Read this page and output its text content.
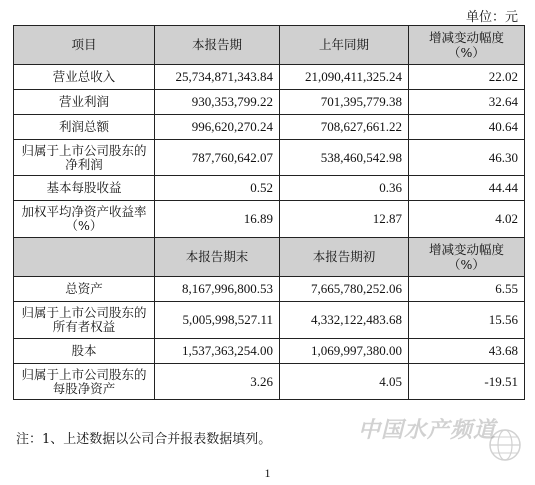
单位：元
项目	本报告期	上年同期	增减变动幅度
（%）

营业总收入	25,734,871,343.84	21,090,411,325.24	22.02
营业利润	930,353,799.22	701,395,779.38	32.64
利润总额	996,620,270.24	708,627,661.22	40.64

归属于上市公司股东的
净利润	787,760,642.07	538,460,542.98	46.30
基本每股收益	0.52	0.36	44.44

加权平均净资产收益率
（%）	16.89	12.87	4.02
	本报告期末	本报告期初	增减变动幅度
（%）

总资产	8,167,996,800.53	7,665,780,252.06	6.55

归属于上市公司股东的
所有者权益	5,005,998,527.11	4,332,122,483.68	15.56
股本	1,537,363,254.00	1,069,997,380.00	43.68

归属于上市公司股东的
每股净资产	3.26	4.05	-19.51
注：1、上述数据以公司合并报表数据填列。	中国水产频道
1
